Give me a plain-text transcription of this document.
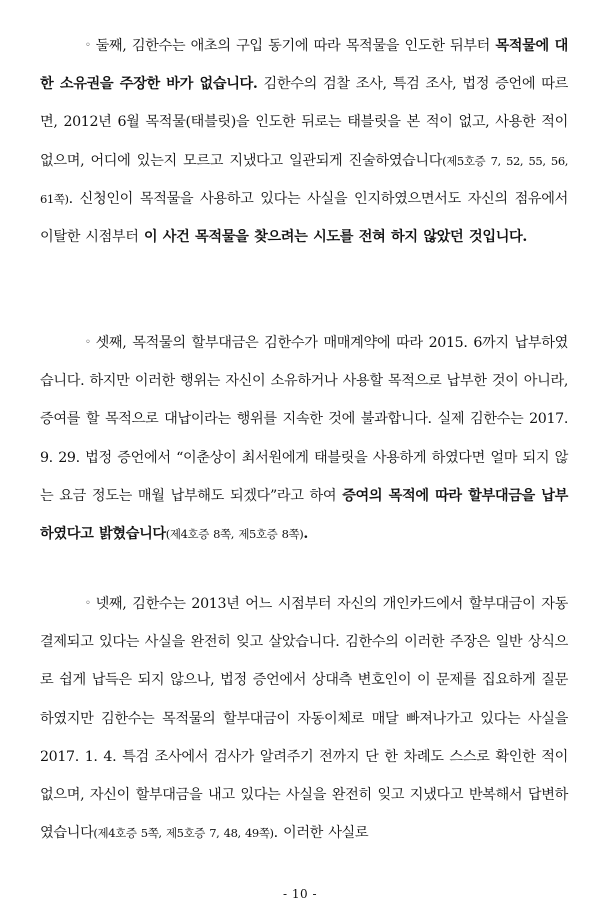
◦ 둘째, 김한수는 애초의 구입 동기에 따라 목적물을 인도한 뒤부터 목적물에 대한 소유권을 주장한 바가 없습니다. 김한수의 검찰 조사, 특검 조사, 법정 증언에 따르면, 2012년 6월 목적물(태블릿)을 인도한 뒤로는 태블릿을 본 적이 없고, 사용한 적이 없으며, 어디에 있는지 모르고 지냈다고 일관되게 진술하였습니다(제5호증 7, 52, 55, 56, 61쪽). 신청인이 목적물을 사용하고 있다는 사실을 인지하였으면서도 자신의 점유에서 이탈한 시점부터 이 사건 목적물을 찾으려는 시도를 전혀 하지 않았던 것입니다.
◦ 셋째, 목적물의 할부대금은 김한수가 매매계약에 따라 2015. 6까지 납부하였습니다. 하지만 이러한 행위는 자신이 소유하거나 사용할 목적으로 납부한 것이 아니라, 증여를 할 목적으로 대납이라는 행위를 지속한 것에 불과합니다. 실제 김한수는 2017. 9. 29. 법정 증언에서 “이춘상이 최서원에게 태블릿을 사용하게 하였다면 얼마 되지 않는 요금 정도는 매월 납부해도 되겠다”라고 하여 증여의 목적에 따라 할부대금을 납부하였다고 밝혔습니다(제4호증 8쪽, 제5호증 8쪽).
◦ 넷째, 김한수는 2013년 어느 시점부터 자신의 개인카드에서 할부대금이 자동 결제되고 있다는 사실을 완전히 잊고 살았습니다. 김한수의 이러한 주장은 일반 상식으로 쉽게 납득은 되지 않으나, 법정 증언에서 상대측 변호인이 이 문제를 집요하게 질문하였지만 김한수는 목적물의 할부대금이 자동이체로 매달 빠져나가고 있다는 사실을 2017. 1. 4. 특검 조사에서 검사가 알려주기 전까지 단 한 차례도 스스로 확인한 적이 없으며, 자신이 할부대금을 내고 있다는 사실을 완전히 잊고 지냈다고 반복해서 답변하였습니다(제4호증 5쪽, 제5호증 7, 48, 49쪽). 이러한 사실로
- 10 -
